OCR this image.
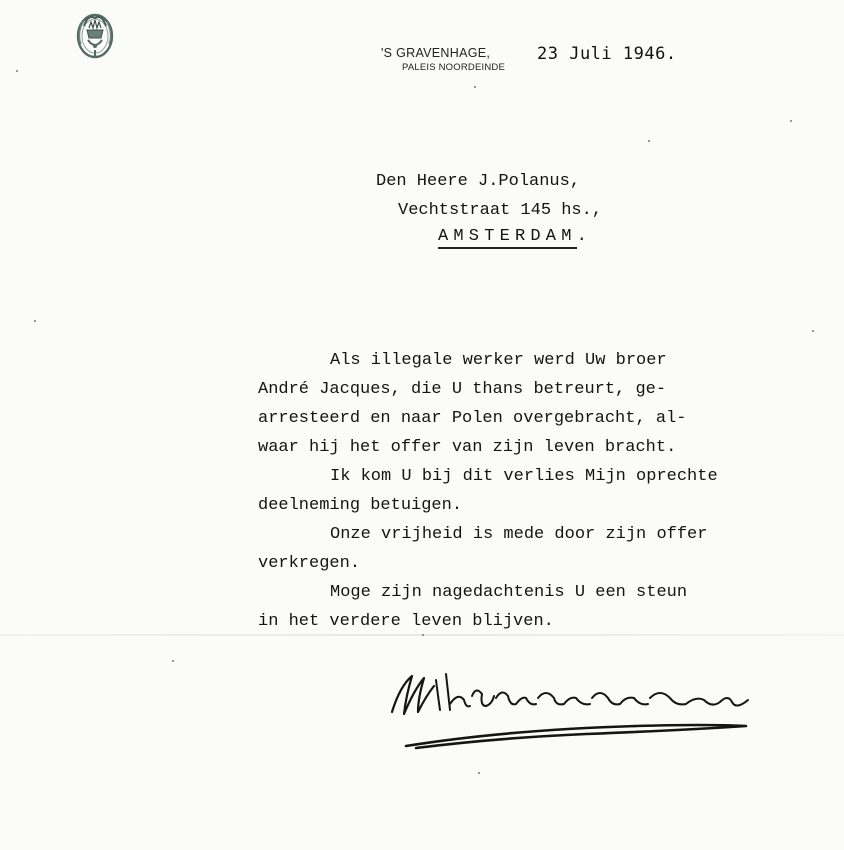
'S GRAVENHAGE,
PALEIS NOORDEINDE
23 Juli 1946.
Den Heere J.Polanus,
Vechtstraat 145 hs.,
AMSTERDAM.
Als illegale werker werd Uw broer
André Jacques, die U thans betreurt, ge-
arresteerd en naar Polen overgebracht, al-
waar hij het offer van zijn leven bracht.
Ik kom U bij dit verlies Mijn oprechte
deelneming betuigen.
Onze vrijheid is mede door zijn offer
verkregen.
Moge zijn nagedachtenis U een steun
in het verdere leven blijven.
